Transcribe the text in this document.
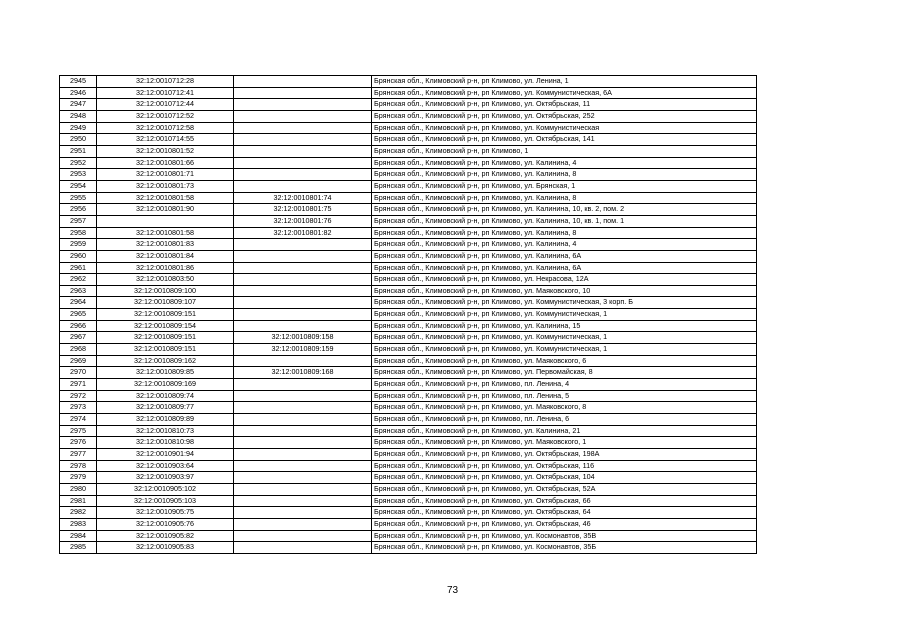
2945	32:12:0010712:28		Брянская обл., Климовский р-н, рп Климово, ул. Ленина, 1
2946	32:12:0010712:41		Брянская обл., Климовский р-н, рп Климово, ул. Коммунистическая, 6А
2947	32:12:0010712:44		Брянская обл., Климовский р-н, рп Климово, ул. Октябрьская, 11
2948	32:12:0010712:52		Брянская обл., Климовский р-н, рп Климово, ул. Октябрьская, 252
2949	32:12:0010712:58		Брянская обл., Климовский р-н, рп Климово, ул. Коммунистическая
2950	32:12:0010714:55		Брянская обл., Климовский р-н, рп Климово, ул. Октябрьская, 141
2951	32:12:0010801:52		Брянская обл., Климовский р-н, рп Климово, 1
2952	32:12:0010801:66		Брянская обл., Климовский р-н, рп Климово, ул. Калинина, 4
2953	32:12:0010801:71		Брянская обл., Климовский р-н, рп Климово, ул. Калинина, 8
2954	32:12:0010801:73		Брянская обл., Климовский р-н, рп Климово, ул. Брянская, 1
2955	32:12:0010801:58	32:12:0010801:74	Брянская обл., Климовский р-н, рп Климово, ул. Калинина, 8
2956	32:12:0010801:90	32:12:0010801:75	Брянская обл., Климовский р-н, рп Климово, ул. Калинина, 10, кв. 2, пом. 2
2957		32:12:0010801:76	Брянская обл., Климовский р-н, рп Климово, ул. Калинина, 10, кв. 1, пом. 1
2958	32:12:0010801:58	32:12:0010801:82	Брянская обл., Климовский р-н, рп Климово, ул. Калинина, 8
2959	32:12:0010801:83		Брянская обл., Климовский р-н, рп Климово, ул. Калинина, 4
2960	32:12:0010801:84		Брянская обл., Климовский р-н, рп Климово, ул. Калинина, 6А
2961	32:12:0010801:86		Брянская обл., Климовский р-н, рп Климово, ул. Калинина, 6А
2962	32:12:0010803:50		Брянская обл., Климовский р-н, рп Климово, ул. Некрасова, 12А
2963	32:12:0010809:100		Брянская обл., Климовский р-н, рп Климово, ул. Маяковского, 10
2964	32:12:0010809:107		Брянская обл., Климовский р-н, рп Климово, ул. Коммунистическая, 3 корп. Б
2965	32:12:0010809:151		Брянская обл., Климовский р-н, рп Климово, ул. Коммунистическая, 1
2966	32:12:0010809:154		Брянская обл., Климовский р-н, рп Климово, ул. Калинина, 15
2967	32:12:0010809:151	32:12:0010809:158	Брянская обл., Климовский р-н, рп Климово, ул. Коммунистическая, 1
2968	32:12:0010809:151	32:12:0010809:159	Брянская обл., Климовский р-н, рп Климово, ул. Коммунистическая, 1
2969	32:12:0010809:162		Брянская обл., Климовский р-н, рп Климово, ул. Маяковского, 6
2970	32:12:0010809:85	32:12:0010809:168	Брянская обл., Климовский р-н, рп Климово, ул. Первомайская, 8
2971	32:12:0010809:169		Брянская обл., Климовский р-н, рп Климово, пл. Ленина, 4
2972	32:12:0010809:74		Брянская обл., Климовский р-н, рп Климово, пл. Ленина, 5
2973	32:12:0010809:77		Брянская обл., Климовский р-н, рп Климово, ул. Маяковского, 8
2974	32:12:0010809:89		Брянская обл., Климовский р-н, рп Климово, пл. Ленина, 6
2975	32:12:0010810:73		Брянская обл., Климовский р-н, рп Климово, ул. Калинина, 21
2976	32:12:0010810:98		Брянская обл., Климовский р-н, рп Климово, ул. Маяковского, 1
2977	32:12:0010901:94		Брянская обл., Климовский р-н, рп Климово, ул. Октябрьская, 198А
2978	32:12:0010903:64		Брянская обл., Климовский р-н, рп Климово, ул. Октябрьская, 116
2979	32:12:0010903:97		Брянская обл., Климовский р-н, рп Климово, ул. Октябрьская, 104
2980	32:12:0010905:102		Брянская обл., Климовский р-н, рп Климово, ул. Октябрьская, 52А
2981	32:12:0010905:103		Брянская обл., Климовский р-н, рп Климово, ул. Октябрьская, 66
2982	32:12:0010905:75		Брянская обл., Климовский р-н, рп Климово, ул. Октябрьская, 64
2983	32:12:0010905:76		Брянская обл., Климовский р-н, рп Климово, ул. Октябрьская, 46
2984	32:12:0010905:82		Брянская обл., Климовский р-н, рп Климово, ул. Космонавтов, 35В
2985	32:12:0010905:83		Брянская обл., Климовский р-н, рп Климово, ул. Космонавтов, 35Б
73
